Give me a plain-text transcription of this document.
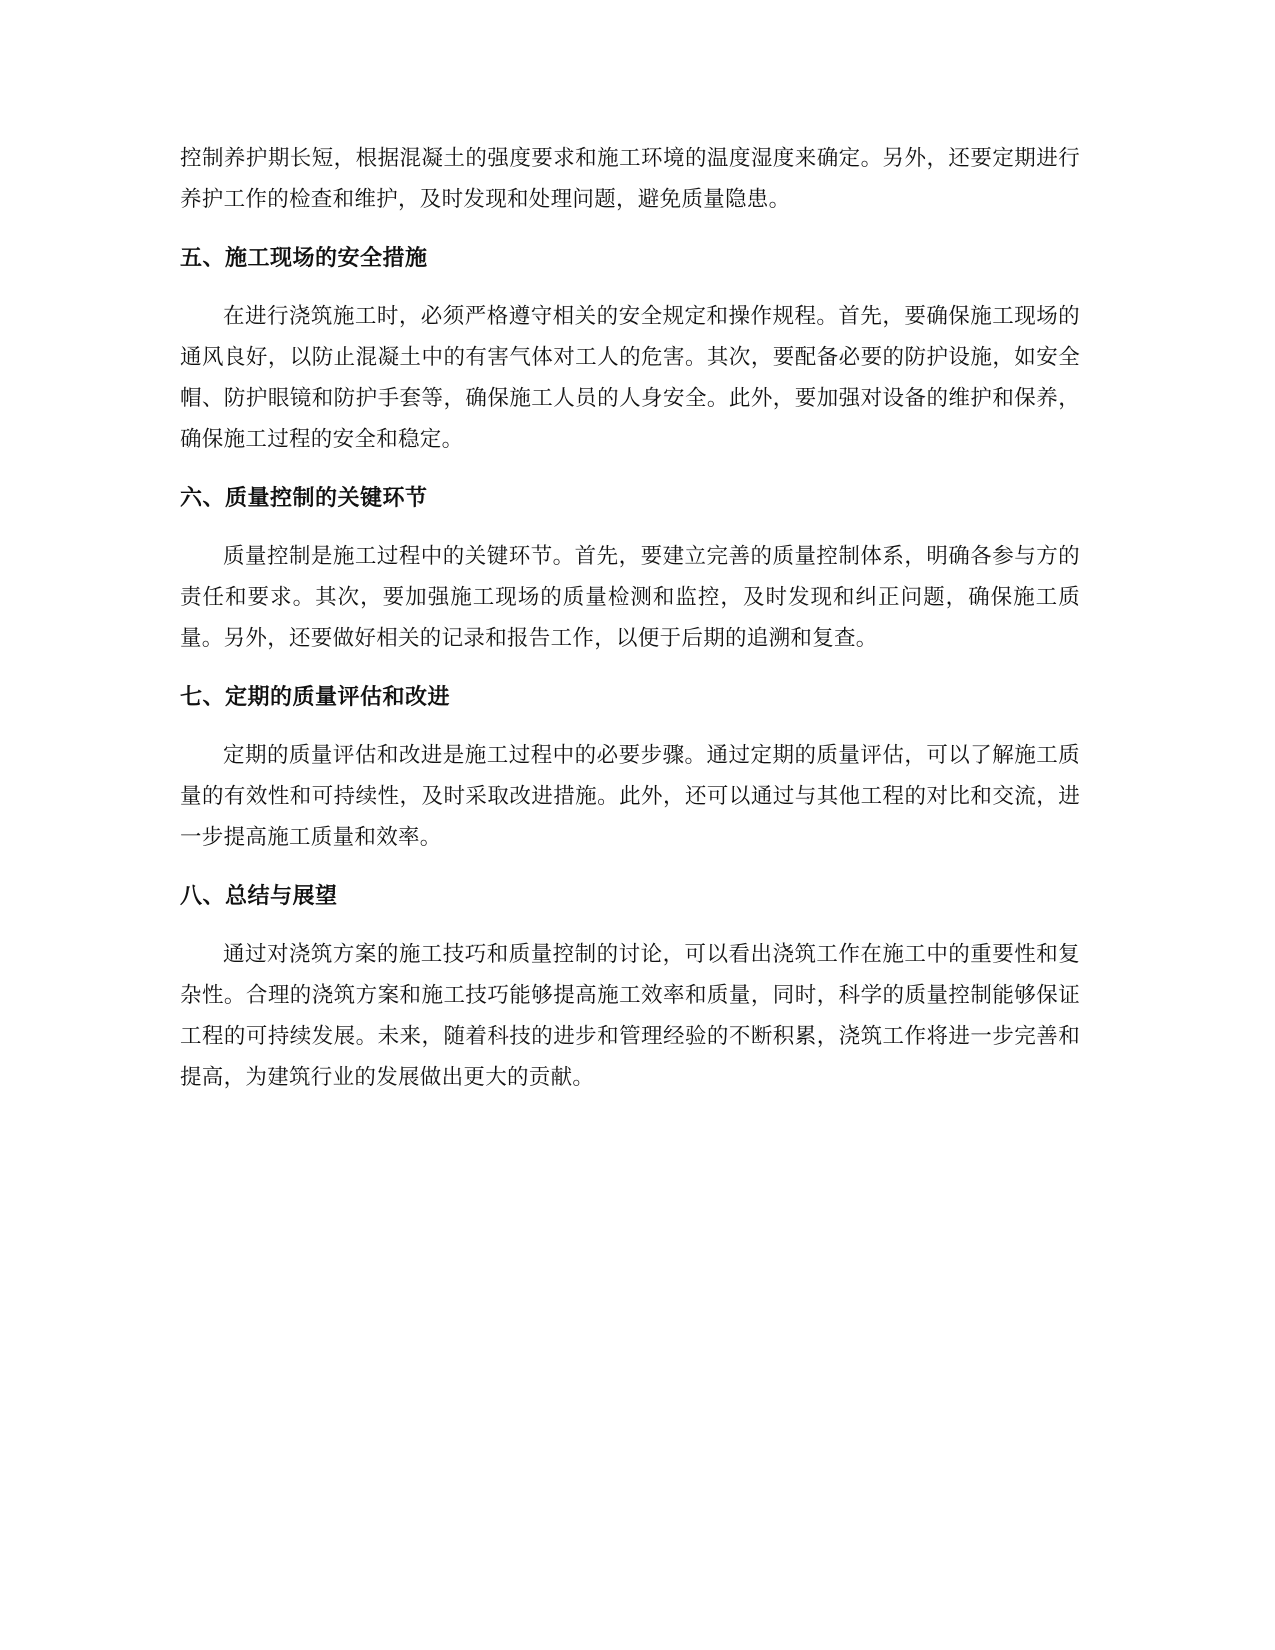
控制养护期长短，根据混凝土的强度要求和施工环境的温度湿度来确定。另外，还要定期进行养护工作的检查和维护，及时发现和处理问题，避免质量隐患。

五、施工现场的安全措施

在进行浇筑施工时，必须严格遵守相关的安全规定和操作规程。首先，要确保施工现场的通风良好，以防止混凝土中的有害气体对工人的危害。其次，要配备必要的防护设施，如安全帽、防护眼镜和防护手套等，确保施工人员的人身安全。此外，要加强对设备的维护和保养，确保施工过程的安全和稳定。

六、质量控制的关键环节

质量控制是施工过程中的关键环节。首先，要建立完善的质量控制体系，明确各参与方的责任和要求。其次，要加强施工现场的质量检测和监控，及时发现和纠正问题，确保施工质量。另外，还要做好相关的记录和报告工作，以便于后期的追溯和复查。

七、定期的质量评估和改进

定期的质量评估和改进是施工过程中的必要步骤。通过定期的质量评估，可以了解施工质量的有效性和可持续性，及时采取改进措施。此外，还可以通过与其他工程的对比和交流，进一步提高施工质量和效率。

八、总结与展望

通过对浇筑方案的施工技巧和质量控制的讨论，可以看出浇筑工作在施工中的重要性和复杂性。合理的浇筑方案和施工技巧能够提高施工效率和质量，同时，科学的质量控制能够保证工程的可持续发展。未来，随着科技的进步和管理经验的不断积累，浇筑工作将进一步完善和提高，为建筑行业的发展做出更大的贡献。
